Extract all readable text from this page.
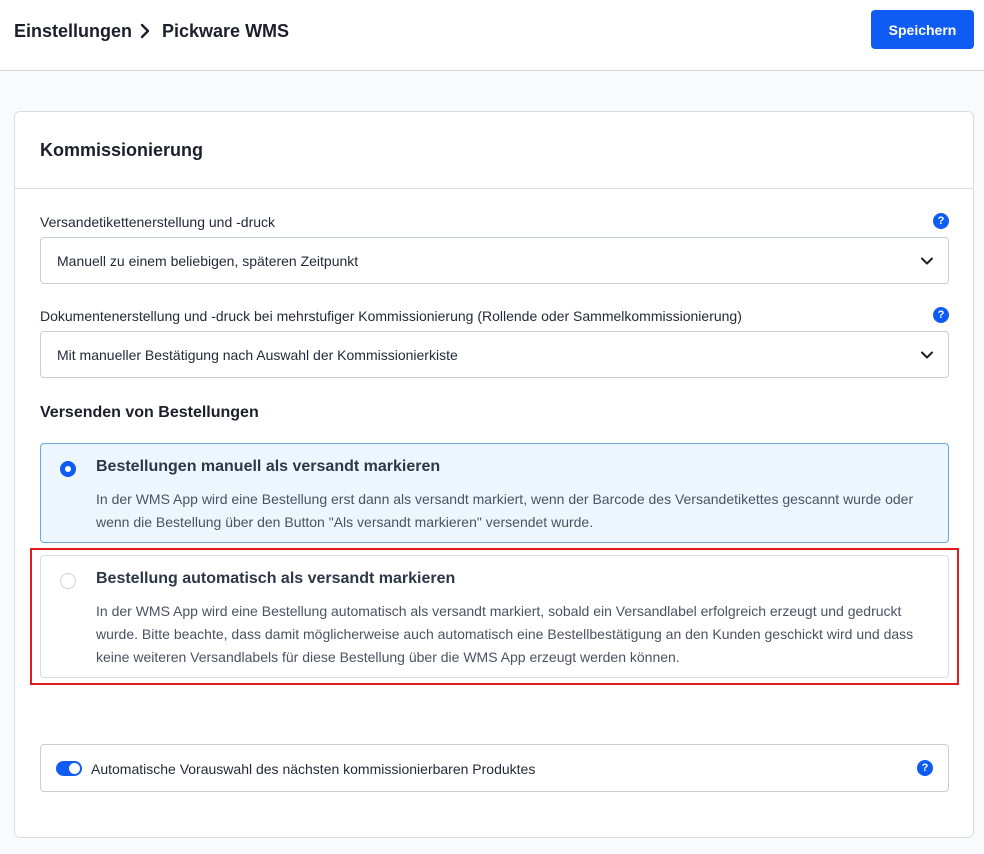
Einstellungen Pickware WMS	Speichern
Kommissionierung
Versandetikettenerstellung und -druck	?
Manuell zu einem beliebigen, späteren Zeitpunkt
Dokumentenerstellung und -druck bei mehrstufiger Kommissionierung (Rollende oder Sammelkommissionierung)	?
Mit manueller Bestätigung nach Auswahl der Kommissionierkiste
Versenden von Bestellungen
Bestellungen manuell als versandt markieren
In der WMS App wird eine Bestellung erst dann als versandt markiert, wenn der Barcode des Versandetikettes gescannt wurde oder wenn die Bestellung über den Button "Als versandt markieren" versendet wurde.
Bestellung automatisch als versandt markieren
In der WMS App wird eine Bestellung automatisch als versandt markiert, sobald ein Versandlabel erfolgreich erzeugt und gedruckt wurde. Bitte beachte, dass damit möglicherweise auch automatisch eine Bestellbestätigung an den Kunden geschickt wird und dass keine weiteren Versandlabels für diese Bestellung über die WMS App erzeugt werden können.
Automatische Vorauswahl des nächsten kommissionierbaren Produktes	?
